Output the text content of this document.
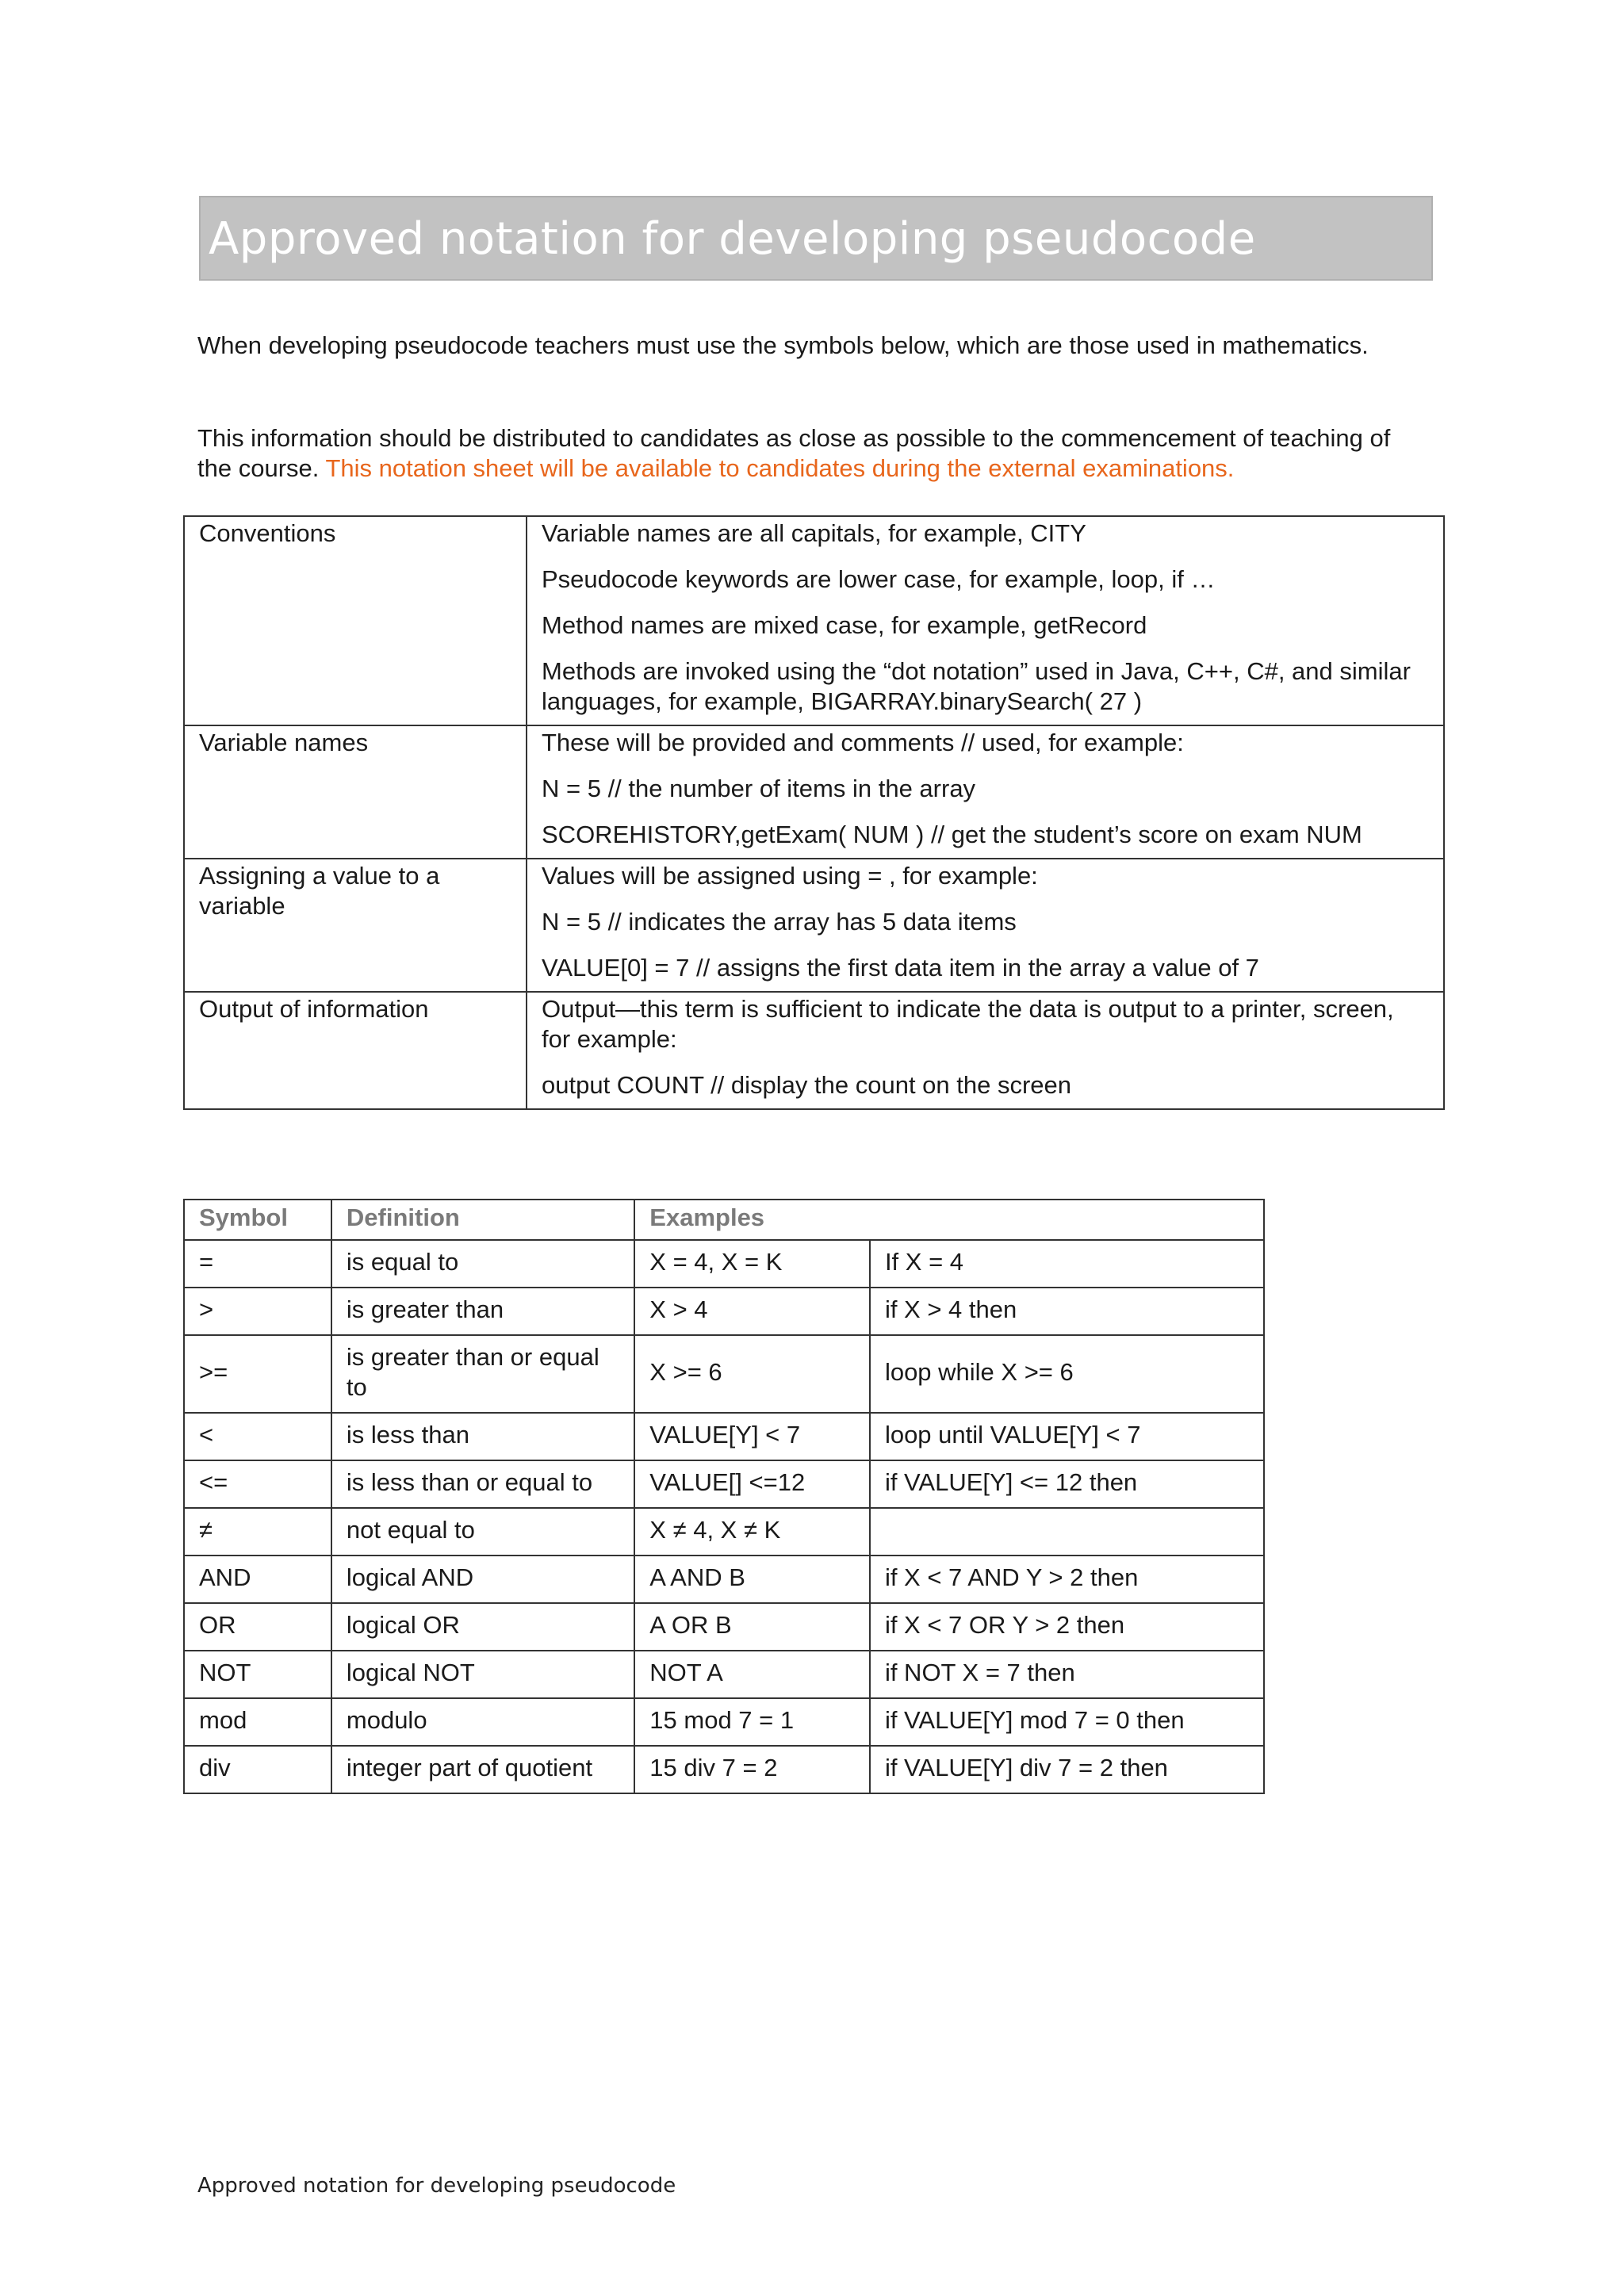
Approved notation for developing pseudocode
When developing pseudocode teachers must use the symbols below, which are those used in mathematics.
This information should be distributed to candidates as close as possible to the commencement of teaching of the course. This notation sheet will be available to candidates during the external examinations.
Conventions	Variable names are all capitals, for example, CITY
Pseudocode keywords are lower case, for example, loop, if …
Method names are mixed case, for example, getRecord
Methods are invoked using the “dot notation” used in Java, C++, C#, and similar languages, for example, BIGARRAY.binarySearch( 27 )

Variable names	These will be provided and comments // used, for example:
N = 5 // the number of items in the array
SCOREHISTORY,getExam( NUM ) // get the student’s score on exam NUM

Assigning a value to a variable	Values will be assigned using = , for example:
N = 5 // indicates the array has 5 data items
VALUE[0] = 7 // assigns the first data item in the array a value of 7

Output of information	Output—this term is sufficient to indicate the data is output to a printer, screen, for example:
output COUNT // display the count on the screen
Symbol	Definition	Examples	
=	is equal to	X = 4, X = K	If X = 4
>	is greater than	X > 4	if X > 4 then
>=	is greater than or equal to	X >= 6	loop while X >= 6
<	is less than	VALUE[Y] < 7	loop until VALUE[Y] < 7
<=	is less than or equal to	VALUE[] <=12	if VALUE[Y] <= 12 then
≠	not equal to	X ≠ 4, X ≠ K	
AND	logical AND	A AND B	if X < 7 AND Y > 2 then
OR	logical OR	A OR B	if X < 7 OR Y > 2 then
NOT	logical NOT	NOT A	if NOT X = 7 then
mod	modulo	15 mod 7 = 1	if VALUE[Y] mod 7 = 0 then
div	integer part of quotient	15 div 7 = 2	if VALUE[Y] div 7 = 2 then
Approved notation for developing pseudocode
